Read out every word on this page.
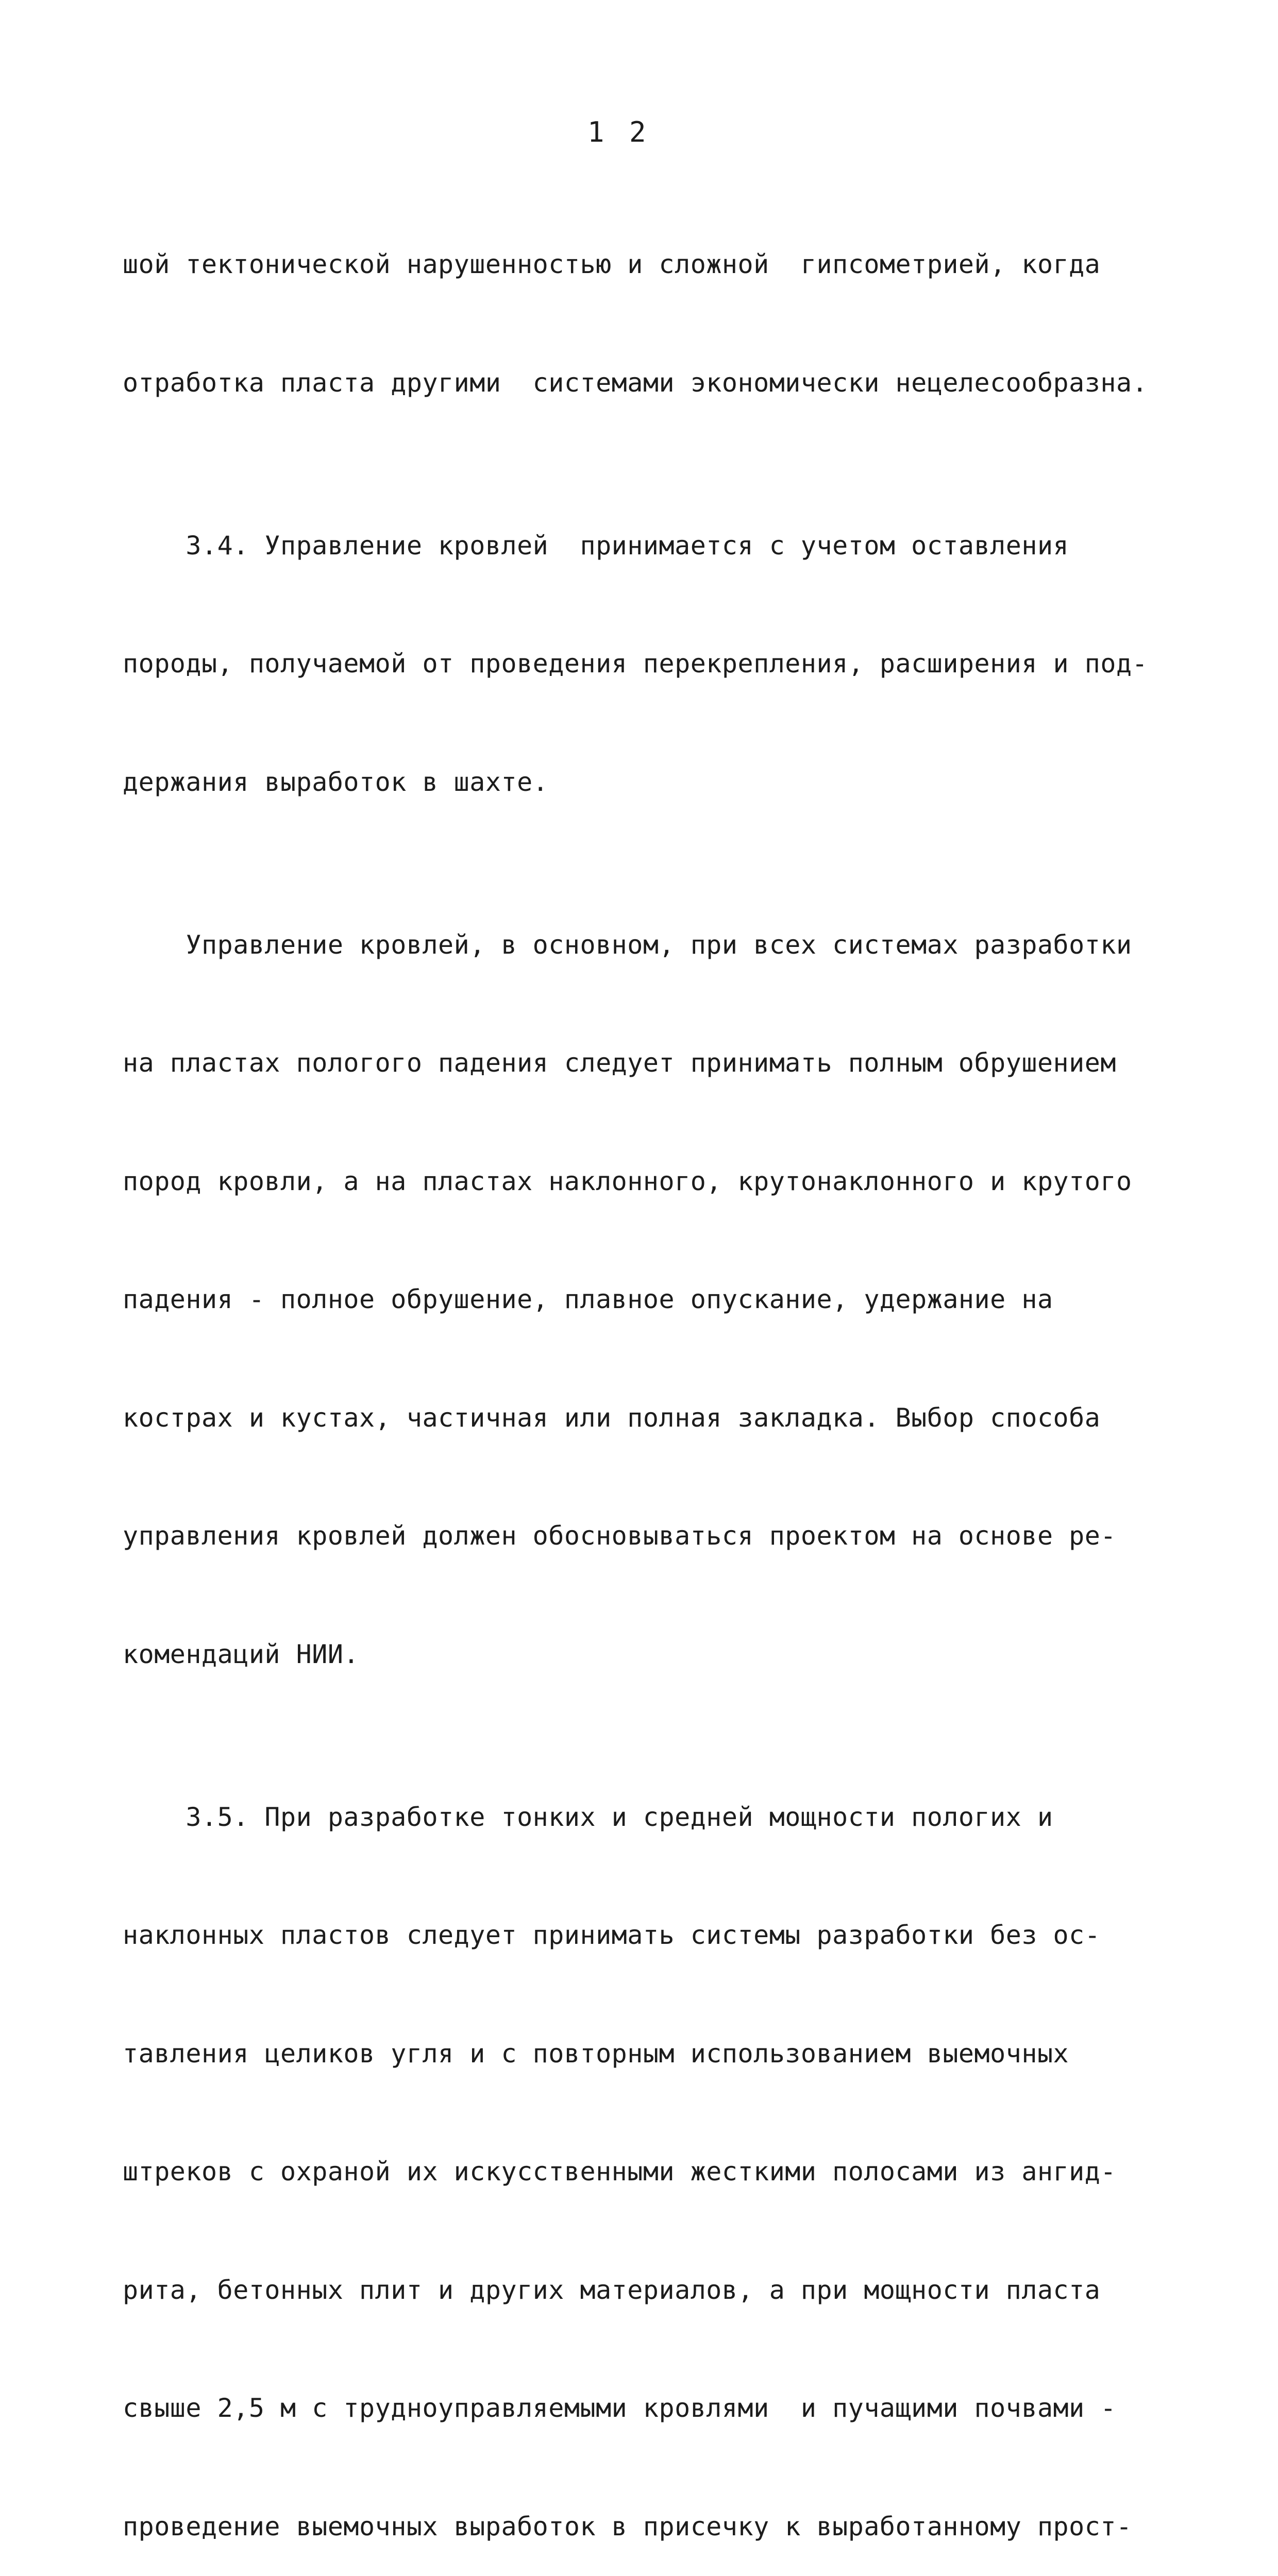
1 2

шой тектонической нарушенностью и сложной  гипсометрией, когда

отработка пласта другими  системами экономически нецелесообразна.

3.4. Управление кровлей  принимается с учетом оставления

породы, получаемой от проведения перекрепления, расширения и под-

держания выработок в шахте.

Управление кровлей, в основном, при всех системах разработки

на пластах пологого падения следует принимать полным обрушением

пород кровли, а на пластах наклонного, крутонаклонного и крутого

падения - полное обрушение, плавное опускание, удержание на

кострах и кустах, частичная или полная закладка. Выбор способа

управления кровлей должен обосновываться проектом на основе ре-

комендаций НИИ.

3.5. При разработке тонких и средней мощности пологих и

наклонных пластов следует принимать системы разработки без ос-

тавления целиков угля и с повторным использованием выемочных

штреков с охраной их искусственными жесткими полосами из ангид-

рита, бетонных плит и других материалов, а при мощности пласта

свыше 2,5 м с трудноуправляемыми кровлями  и пучащими почвами -

проведение выемочных выработок в присечку к выработанному прост-
